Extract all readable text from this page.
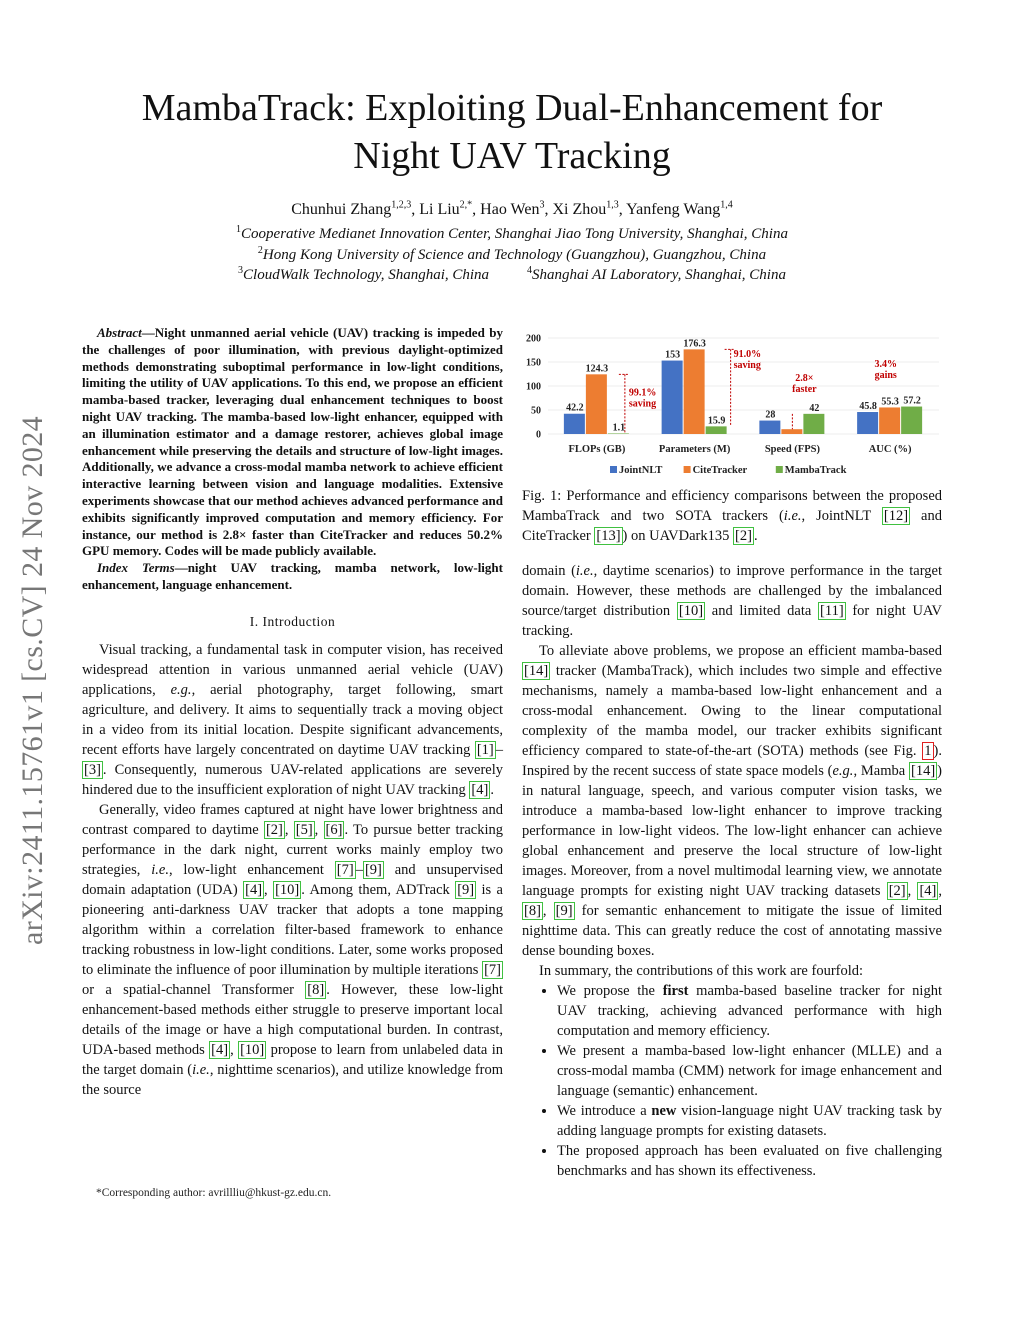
MambaTrack: Exploiting Dual-Enhancement for
Night UAV Tracking
Chunhui Zhang$^{1,2,3}$, Li Liu$^{2,*}$, Hao Wen$^3$, Xi Zhou$^{1,3}$, Yanfeng Wang$^{1,4}$
$^1$Cooperative Medianet Innovation Center, Shanghai Jiao Tong University, Shanghai, China
$^2$Hong Kong University of Science and Technology (Guangzhou), Guangzhou, China
$^3$CloudWalk Technology, Shanghai, China	$^4$Shanghai AI Laboratory, Shanghai, China
arXiv:2411.15761v1 [cs.CV] 24 Nov 2024

Abstract—Night unmanned aerial vehicle (UAV) tracking is impeded by the challenges of poor illumination, with previous daylight-optimized methods demonstrating suboptimal performance in low-light conditions, limiting the utility of UAV applications. To this end, we propose an efficient mamba-based tracker, leveraging dual enhancement techniques to boost night UAV tracking. The mamba-based low-light enhancer, equipped with an illumination estimator and a damage restorer, achieves global image enhancement while preserving the details and structure of low-light images. Additionally, we advance a cross-modal mamba network to achieve efficient interactive learning between vision and language modalities. Extensive experiments showcase that our method achieves advanced performance and exhibits significantly improved computation and memory efficiency. For instance, our method is 2.8× faster than CiteTracker and reduces 50.2% GPU memory. Codes will be made publicly available.

Index Terms—night UAV tracking, mamba network, low-light enhancement, language enhancement.

I. Introduction

Visual tracking, a fundamental task in computer vision, has received widespread attention in various unmanned aerial vehicle (UAV) applications, e.g., aerial photography, target following, smart agriculture, and delivery. It aims to sequentially track a moving object in a video from its initial location. Despite significant advancements, recent efforts have largely concentrated on daytime UAV tracking [1] –[3] . Consequently, numerous UAV-related applications are severely hindered due to the insufficient exploration of night UAV tracking [4] .

Generally, video frames captured at night have lower brightness and contrast compared to daytime [2] , [5] , [6] . To pursue better tracking performance in the dark night, current works mainly employ two strategies, i.e., low-light enhancement [7] – [9] and unsupervised domain adaptation (UDA) [4] , [10] . Among them, ADTrack [9] is a pioneering anti-darkness UAV tracker that adopts a tone mapping algorithm within a correlation filter-based framework to enhance tracking robustness in low-light conditions. Later, some works proposed to eliminate the influence of poor illumination by multiple iterations [7] or a spatial-channel Transformer [8] . However, these low-light enhancement-based methods either struggle to preserve important local details of the image or have a high computational burden. In contrast, UDA-based methods [4] , [10] propose to learn from unlabeled data in the target domain (i.e., nighttime scenarios), and utilize knowledge from the source

*Corresponding author: avrillliu@hkust-gz.edu.cn.
200
150
100
50
0
FLOPs (GB)
42.2
124.3
1.1
Parameters (M)
153
176.3
15.9
Speed (FPS)
28
42
AUC (%)
45.8 55.3 57.2
99.1%
saving
91.0%
saving
2.8×
faster
3.4%
gains
JointNLT	CiteTracker	MambaTrack
Fig. 1: Performance and efficiency comparisons between the proposed MambaTrack and two SOTA trackers (i.e., JointNLT [12] and CiteTracker [13] ) on UAVDark135 [2] .

domain (i.e., daytime scenarios) to improve performance in the target domain. However, these methods are challenged by the imbalanced source/target distribution [10] and limited data [11] for night UAV tracking.

To alleviate above problems, we propose an efficient mamba-based [14] tracker (MambaTrack), which includes two simple and effective mechanisms, namely a mamba-based low-light enhancement and a cross-modal enhancement. Owing to the linear computational complexity of the mamba model, our tracker exhibits significant efficiency compared to state-of-the-art (SOTA) methods (see Fig. 1 ). Inspired by the recent success of state space models (e.g., Mamba [14] ) in natural language, speech, and various computer vision tasks, we introduce a mamba-based low-light enhancer to improve tracking performance in low-light videos. The low-light enhancer can achieve global enhancement and preserve the local structure of low-light images. Moreover, from a novel multimodal learning view, we annotate language prompts for existing night UAV tracking datasets [2] , [4] , [8] , [9] for semantic enhancement to mitigate the issue of limited nighttime data. This can greatly reduce the cost of annotating massive dense bounding boxes.

In summary, the contributions of this work are fourfold:

• We propose the first mamba-based baseline tracker for night UAV tracking, achieving advanced performance with high computation and memory efficiency.
• We present a mamba-based low-light enhancer (MLLE) and a cross-modal mamba (CMM) network for image enhancement and language (semantic) enhancement.
• We introduce a new vision-language night UAV tracking task by adding language prompts for existing datasets.
• The proposed approach has been evaluated on five challenging benchmarks and has shown its effectiveness.
